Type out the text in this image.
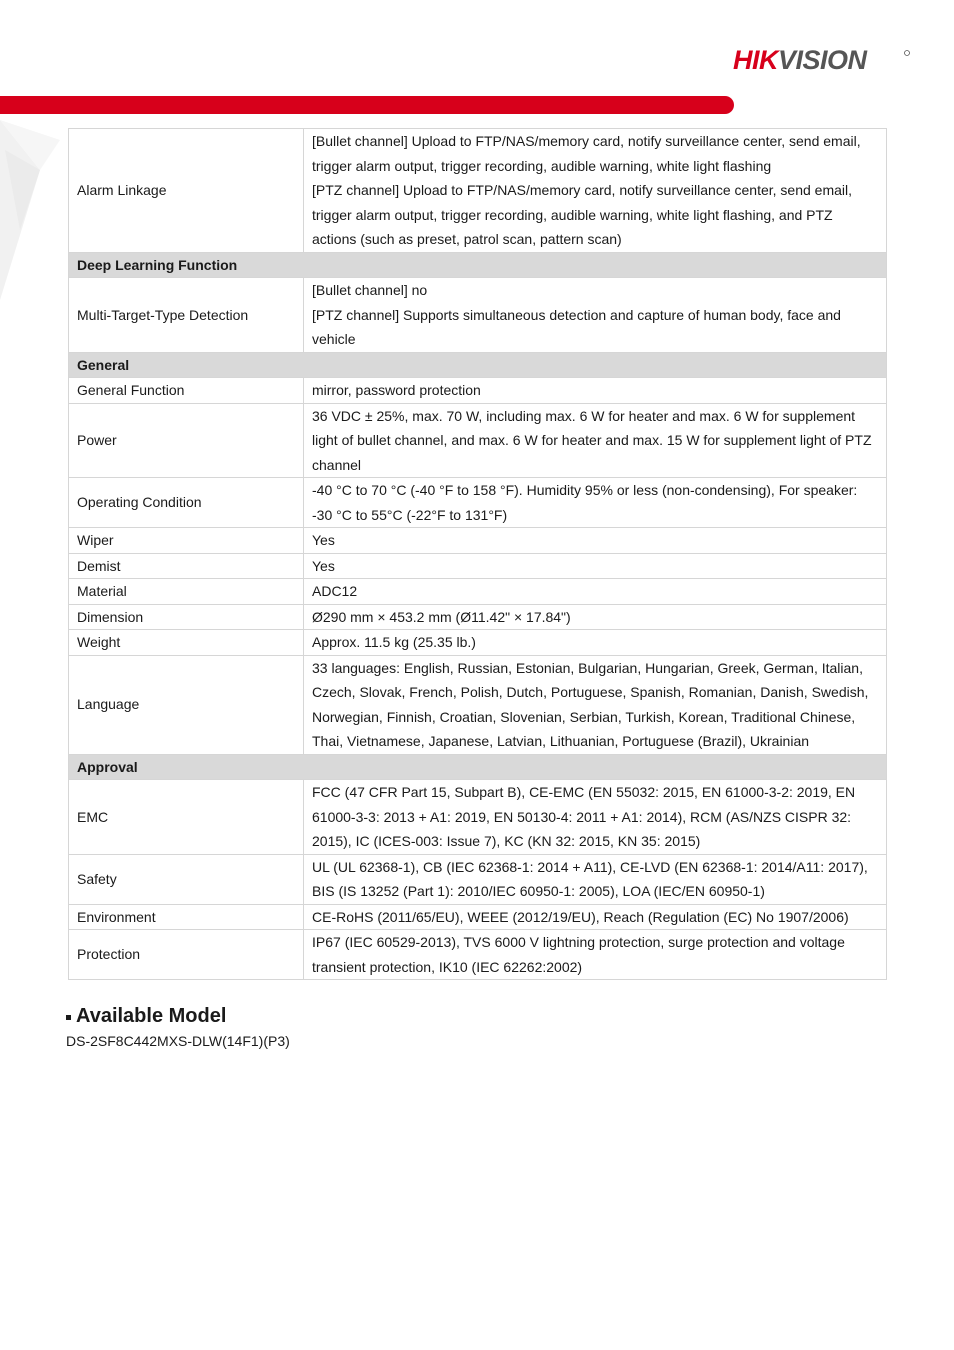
HIKVISION
Alarm Linkage	[Bullet channel] Upload to FTP/NAS/memory card, notify surveillance center, send email, trigger alarm output, trigger recording, audible warning, white light flashing
[PTZ channel] Upload to FTP/NAS/memory card, notify surveillance center, send email, trigger alarm output, trigger recording, audible warning, white light flashing, and PTZ actions (such as preset, patrol scan, pattern scan)

Deep Learning Function	
Multi-Target-Type Detection	[Bullet channel] no
[PTZ channel] Supports simultaneous detection and capture of human body, face and vehicle

General	
General Function	mirror, password protection

Power	36 VDC ± 25%, max. 70 W, including max. 6 W for heater and max. 6 W for supplement light of bullet channel, and max. 6 W for heater and max. 15 W for supplement light of PTZ channel

Operating Condition	-40 °C to 70 °C (-40 °F to 158 °F). Humidity 95% or less (non-condensing), For speaker: -30 °C to 55°C (-22°F to 131°F)

Wiper	Yes

Demist	Yes

Material	ADC12

Dimension	Ø290 mm × 453.2 mm (Ø11.42" × 17.84")

Weight	Approx. 11.5 kg (25.35 lb.)

Language	33 languages: English, Russian, Estonian, Bulgarian, Hungarian, Greek, German, Italian, Czech, Slovak, French, Polish, Dutch, Portuguese, Spanish, Romanian, Danish, Swedish, Norwegian, Finnish, Croatian, Slovenian, Serbian, Turkish, Korean, Traditional Chinese, Thai, Vietnamese, Japanese, Latvian, Lithuanian, Portuguese (Brazil), Ukrainian

Approval	
EMC	FCC (47 CFR Part 15, Subpart B), CE-EMC (EN 55032: 2015, EN 61000-3-2: 2019, EN 61000-3-3: 2013 + A1: 2019, EN 50130-4: 2011 + A1: 2014), RCM (AS/NZS CISPR 32: 2015), IC (ICES-003: Issue 7), KC (KN 32: 2015, KN 35: 2015)

Safety	UL (UL 62368-1), CB (IEC 62368-1: 2014 + A11), CE-LVD (EN 62368-1: 2014/A11: 2017), BIS (IS 13252 (Part 1): 2010/IEC 60950-1: 2005), LOA (IEC/EN 60950-1)

Environment	CE-RoHS (2011/65/EU), WEEE (2012/19/EU), Reach (Regulation (EC) No 1907/2006)

Protection	IP67 (IEC 60529-2013), TVS 6000 V lightning protection, surge protection and voltage transient protection, IK10 (IEC 62262:2002)
Available Model
DS-2SF8C442MXS-DLW(14F1)(P3)
